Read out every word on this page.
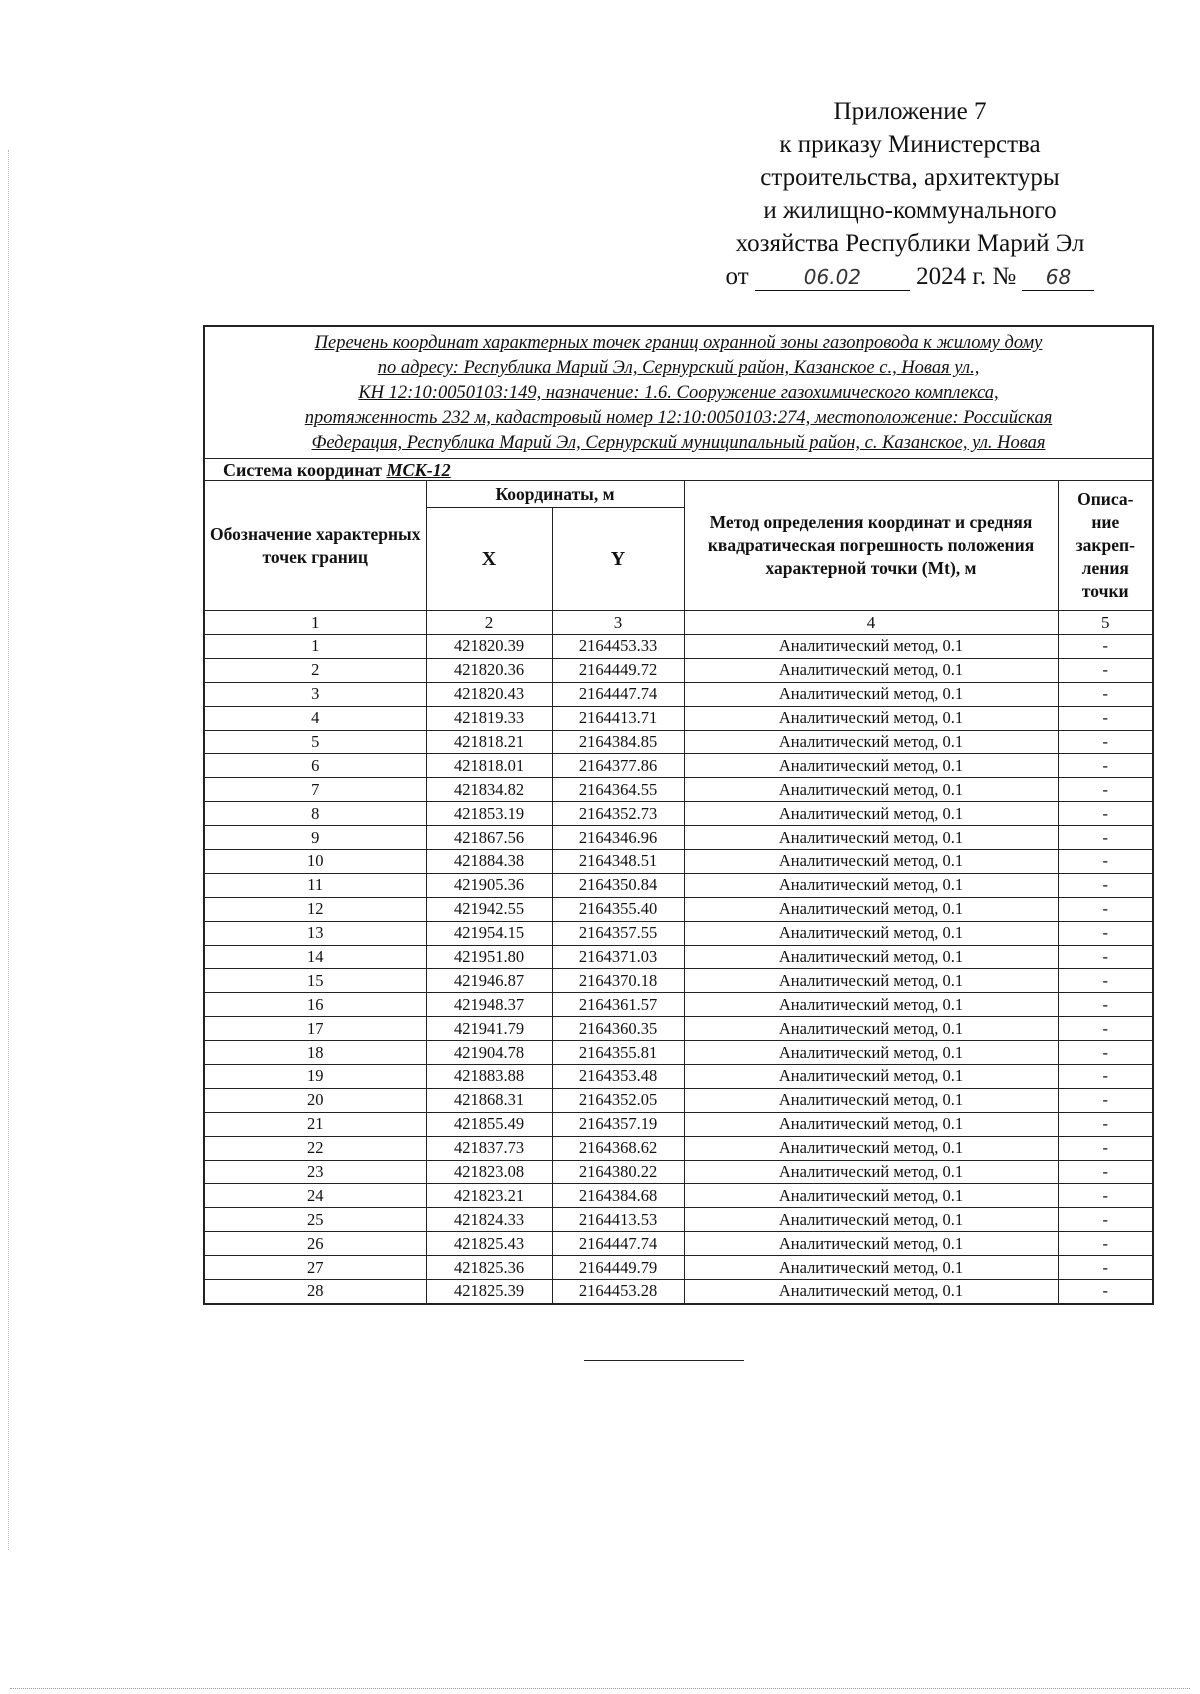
Приложение 7
к приказу Министерства
строительства, архитектуры
и жилищно-коммунального
хозяйства Республики Марий Эл
от	06.02 2024 г. № 68
Перечень координат характерных точек границ охранной зоны газопровода к жилому дому
по адресу: Республика Марий Эл, Сернурский район, Казанское с., Новая ул.,
КН 12:10:0050103:149, назначение: 1.6. Сооружение газохимического комплекса,
протяженность 232 м, кадастровый номер 12:10:0050103:274, местоположение: Российская
Федерация, Республика Марий Эл, Сернурский муниципальный район, с. Казанское, ул. Новая				

Система координат МСК-12				
Обозначение характерных точек границ	Координаты, м		Метод определения координат и средняя квадратическая погрешность положения характерной точки (Mt), м	Описа-ние закреп-ления точки
	X	Y		
1	2	3	4	5
1	421820.39	2164453.33	Аналитический метод, 0.1	-
2	421820.36	2164449.72	Аналитический метод, 0.1	-
3	421820.43	2164447.74	Аналитический метод, 0.1	-
4	421819.33	2164413.71	Аналитический метод, 0.1	-
5	421818.21	2164384.85	Аналитический метод, 0.1	-
6	421818.01	2164377.86	Аналитический метод, 0.1	-
7	421834.82	2164364.55	Аналитический метод, 0.1	-
8	421853.19	2164352.73	Аналитический метод, 0.1	-
9	421867.56	2164346.96	Аналитический метод, 0.1	-
10	421884.38	2164348.51	Аналитический метод, 0.1	-
11	421905.36	2164350.84	Аналитический метод, 0.1	-
12	421942.55	2164355.40	Аналитический метод, 0.1	-
13	421954.15	2164357.55	Аналитический метод, 0.1	-
14	421951.80	2164371.03	Аналитический метод, 0.1	-
15	421946.87	2164370.18	Аналитический метод, 0.1	-
16	421948.37	2164361.57	Аналитический метод, 0.1	-
17	421941.79	2164360.35	Аналитический метод, 0.1	-
18	421904.78	2164355.81	Аналитический метод, 0.1	-
19	421883.88	2164353.48	Аналитический метод, 0.1	-
20	421868.31	2164352.05	Аналитический метод, 0.1	-
21	421855.49	2164357.19	Аналитический метод, 0.1	-
22	421837.73	2164368.62	Аналитический метод, 0.1	-
23	421823.08	2164380.22	Аналитический метод, 0.1	-
24	421823.21	2164384.68	Аналитический метод, 0.1	-
25	421824.33	2164413.53	Аналитический метод, 0.1	-
26	421825.43	2164447.74	Аналитический метод, 0.1	-
27	421825.36	2164449.79	Аналитический метод, 0.1	-
28	421825.39	2164453.28	Аналитический метод, 0.1	-
